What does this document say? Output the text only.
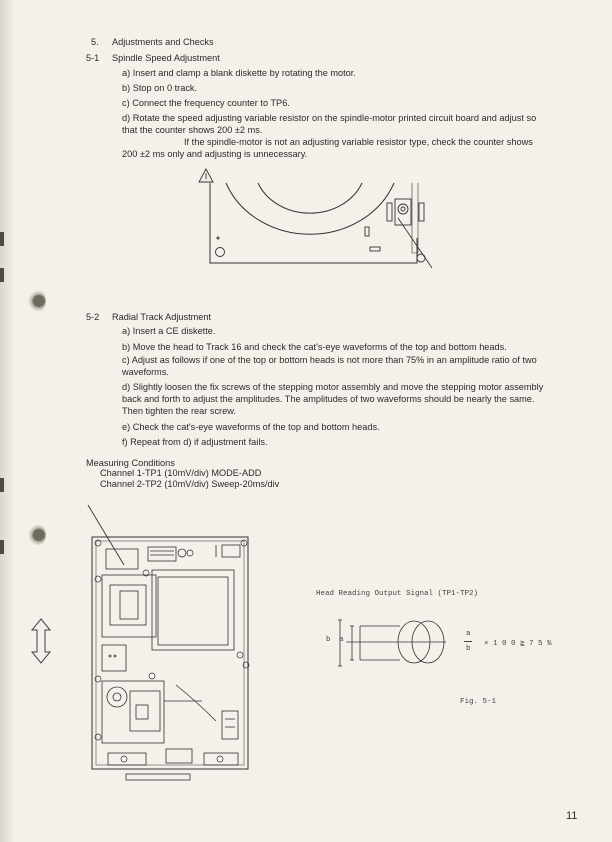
5. Adjustments and Checks
5-1 Spindle Speed Adjustment
a) Insert and clamp a blank diskette by rotating the motor.
b) Stop on 0 track.
c) Connect the frequency counter to TP6.
d) Rotate the speed adjusting variable resistor on the spindle-motor printed circuit board and adjust so that the counter shows 200 ±2 ms.
If the spindle-motor is not an adjusting variable resistor type, check the counter shows
200 ±2 ms only and adjusting is unnecessary.
5-2 Radial Track Adjustment
a) Insert a CE diskette.
b) Move the head to Track 16 and check the cat's-eye waveforms of the top and bottom heads.
c) Adjust as follows if one of the top or bottom heads is not more than 75% in an amplitude ratio of two waveforms.
d) Slightly loosen the fix screws of the stepping motor assembly and move the stepping motor assembly back and forth to adjust the amplitudes. The amplitudes of two waveforms should be nearly the same. Then tighten the rear screw.
e) Check the cat's-eye waveforms of the top and bottom heads.
f) Repeat from d) if adjustment fails.
Measuring Conditions
Channel 1-TP1 (10mV/div) MODE-ADD
Channel 2-TP2 (10mV/div) Sweep-20ms/div
Head Reading Output Signal (TP1-TP2)
b a
a
b
× 1 0 0 ≧ 7 5 %
Fig. 5-1
11
